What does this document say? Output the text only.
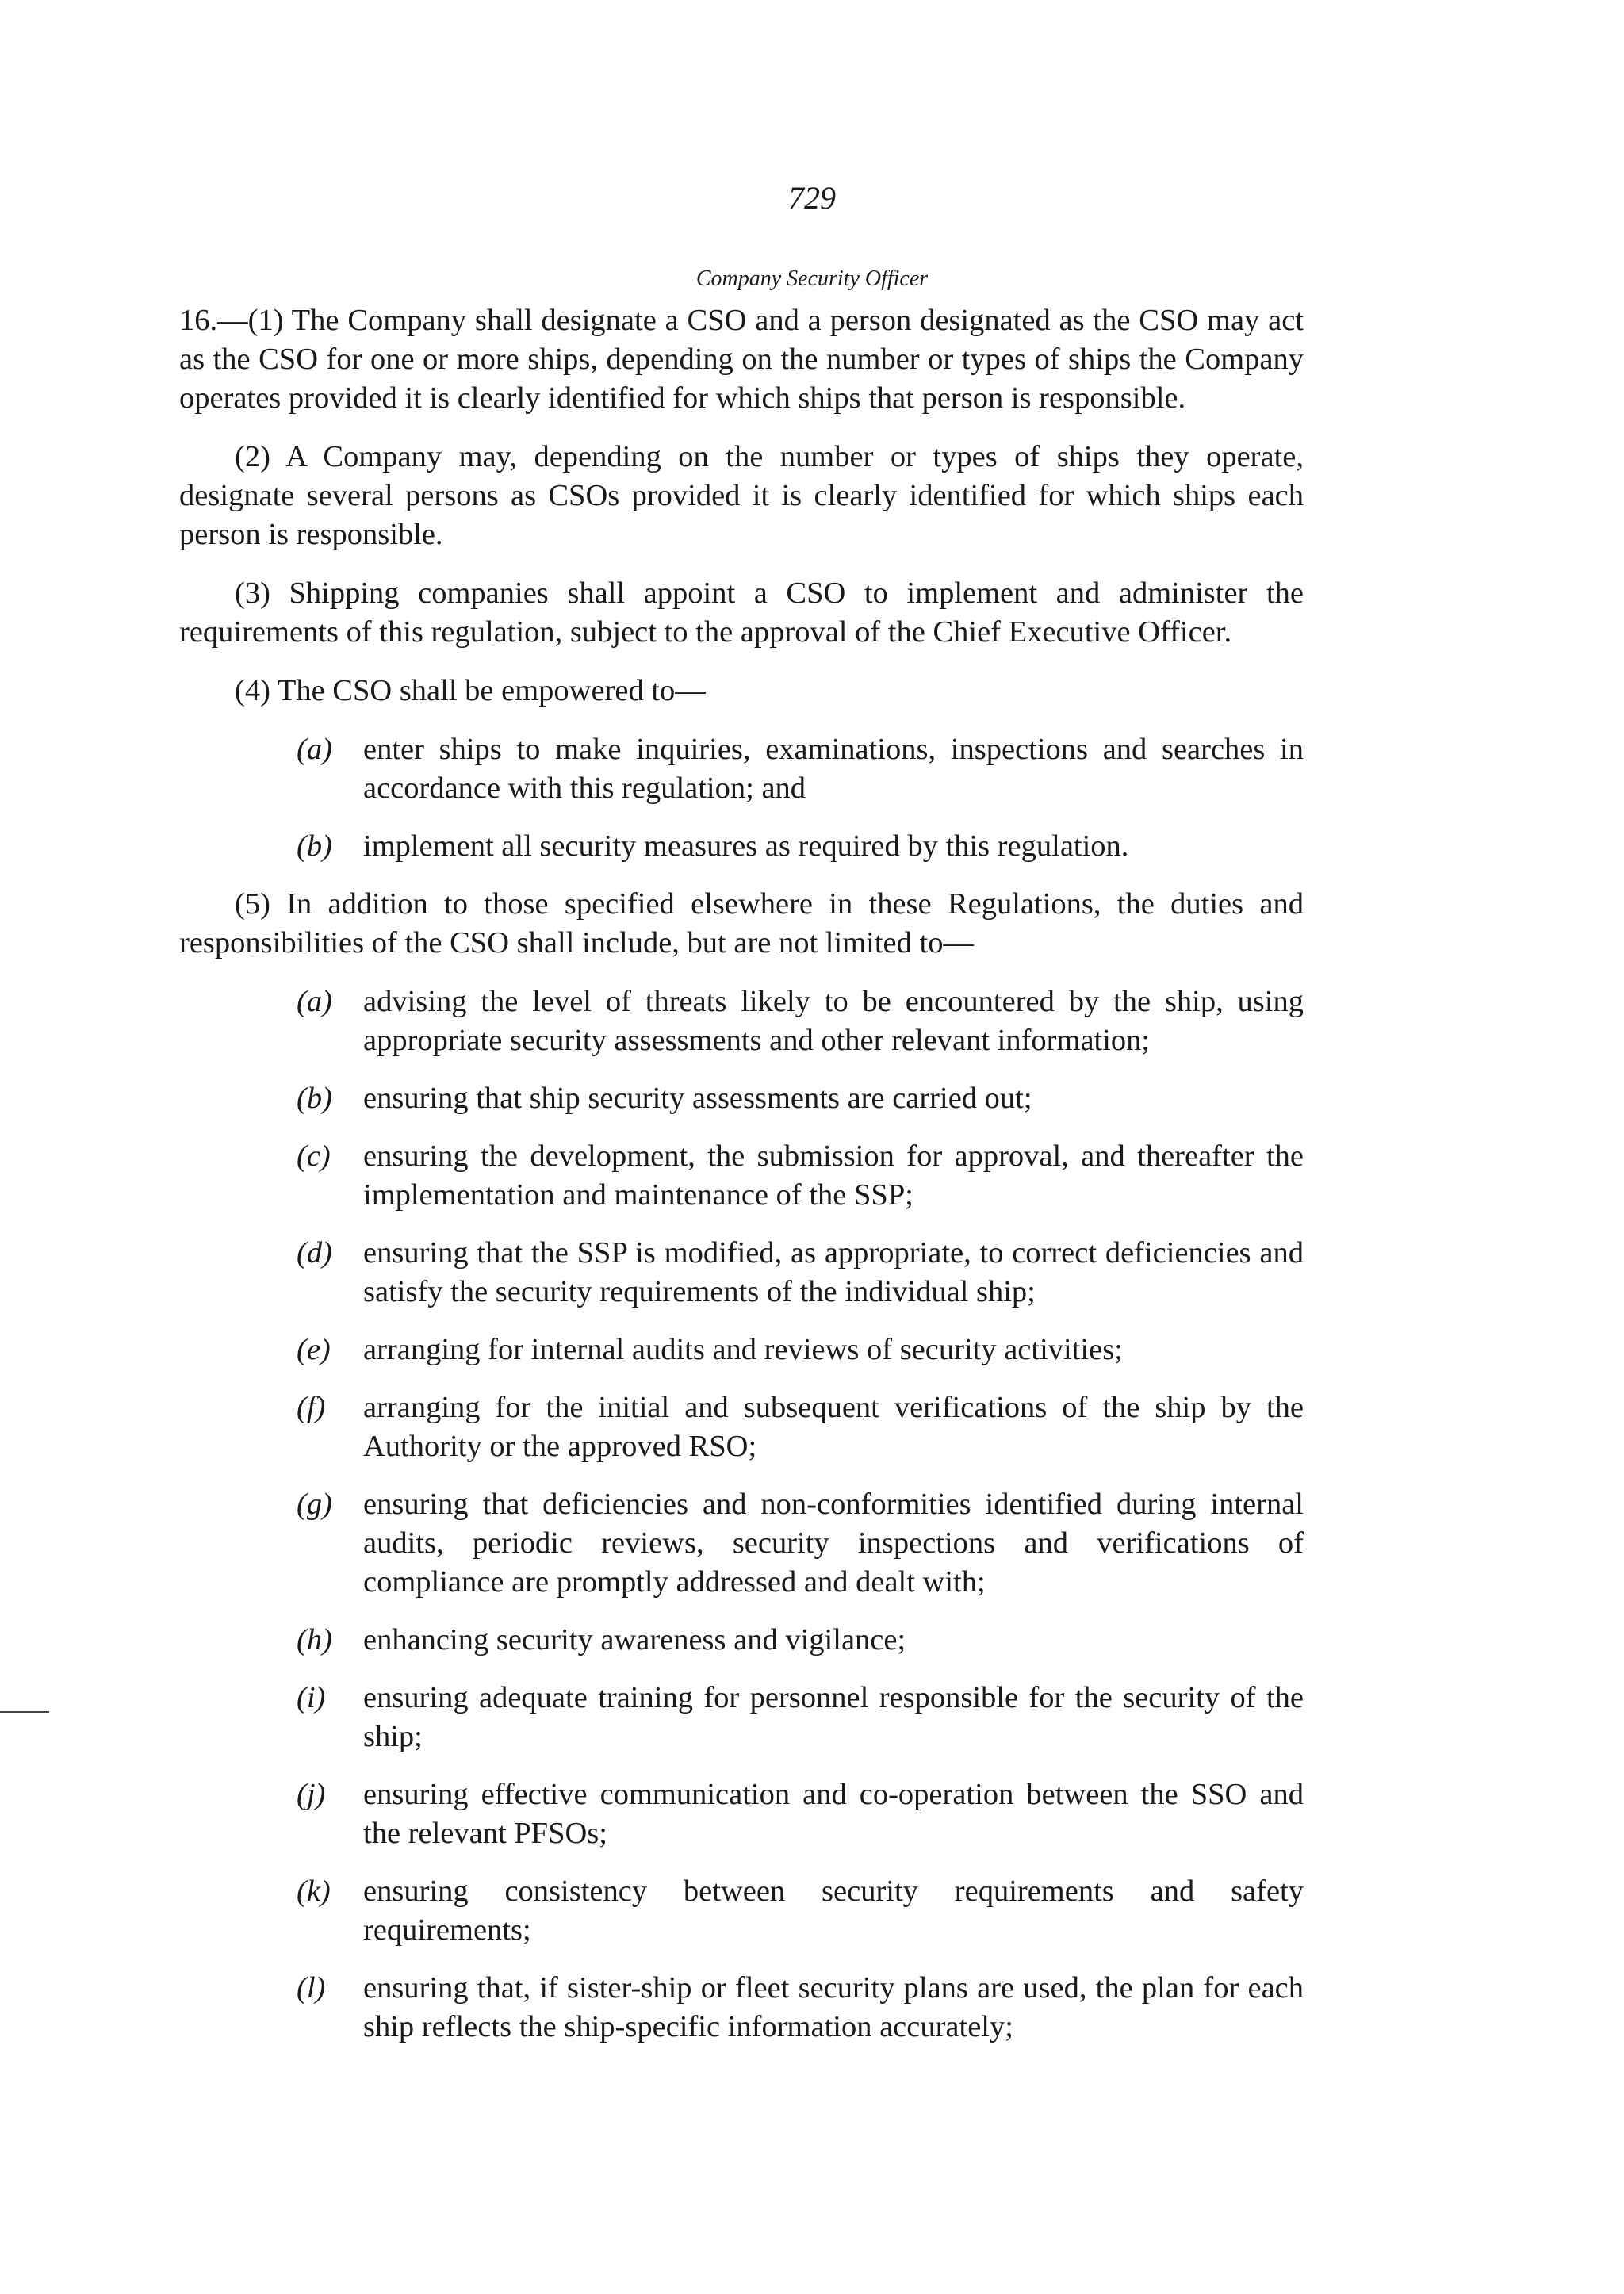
729
Company Security Officer

16.—(1) The Company shall designate a CSO and a person designated as the CSO may act as the CSO for one or more ships, depending on the number or types of ships the Company operates provided it is clearly identified for which ships that person is responsible.

(2) A Company may, depending on the number or types of ships they operate, designate several persons as CSOs provided it is clearly identified for which ships each person is responsible.

(3) Shipping companies shall appoint a CSO to implement and administer the requirements of this regulation, subject to the approval of the Chief Executive Officer.

(4) The CSO shall be empowered to—

(a) enter ships to make inquiries, examinations, inspections and searches in accordance with this regulation; and
(b) implement all security measures as required by this regulation.

(5) In addition to those specified elsewhere in these Regulations, the duties and responsibilities of the CSO shall include, but are not limited to—

(a) advising the level of threats likely to be encountered by the ship, using appropriate security assessments and other relevant information;
(b) ensuring that ship security assessments are carried out;
(c) ensuring the development, the submission for approval, and thereafter the implementation and maintenance of the SSP;
(d) ensuring that the SSP is modified, as appropriate, to correct deficiencies and satisfy the security requirements of the individual ship;
(e) arranging for internal audits and reviews of security activities;
(f) arranging for the initial and subsequent verifications of the ship by the Authority or the approved RSO;
(g) ensuring that deficiencies and non-conformities identified during internal audits, periodic reviews, security inspections and verifications of compliance are promptly addressed and dealt with;
(h) enhancing security awareness and vigilance;
(i) ensuring adequate training for personnel responsible for the security of the ship;
(j) ensuring effective communication and co-operation between the SSO and the relevant PFSOs;
(k) ensuring consistency between security requirements and safety requirements;
(l) ensuring that, if sister-ship or fleet security plans are used, the plan for each ship reflects the ship-specific information accurately;
